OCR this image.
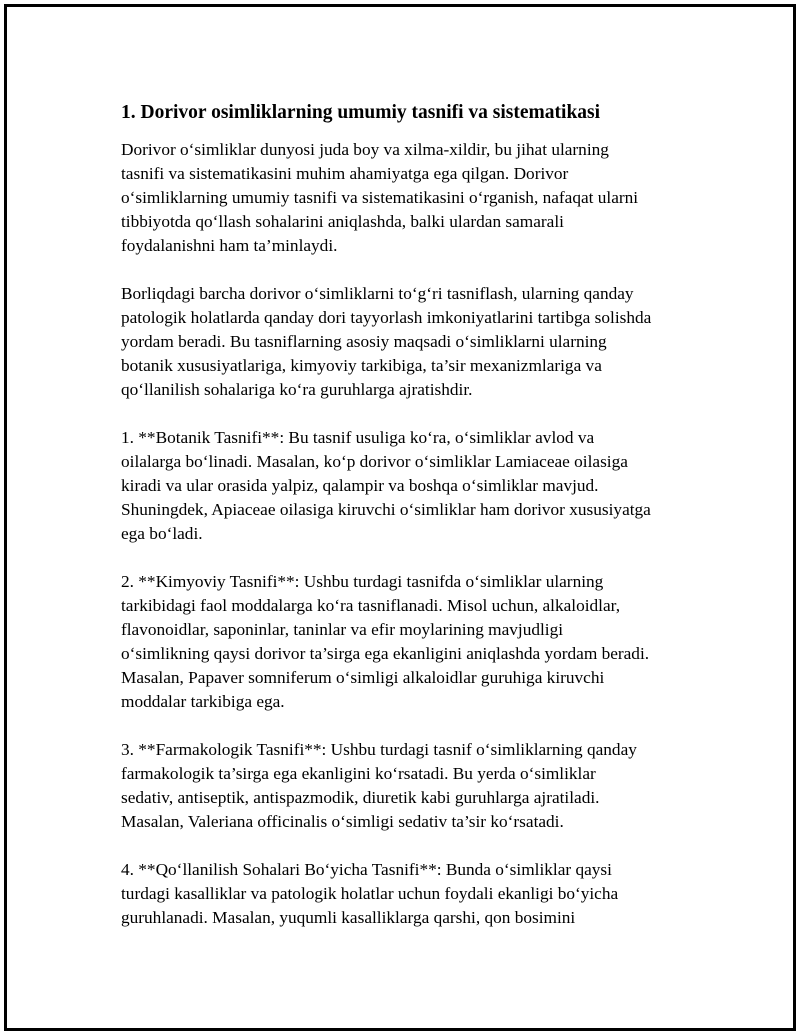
1. Dorivor osimliklarning umumiy tasnifi va sistematikasi

Dorivor o‘simliklar dunyosi juda boy va xilma-xildir, bu jihat ularning
tasnifi va sistematikasini muhim ahamiyatga ega qilgan. Dorivor
o‘simliklarning umumiy tasnifi va sistematikasini o‘rganish, nafaqat ularni
tibbiyotda qo‘llash sohalarini aniqlashda, balki ulardan samarali
foydalanishni ham ta’minlaydi.

Borliqdagi barcha dorivor o‘simliklarni to‘g‘ri tasniflash, ularning qanday
patologik holatlarda qanday dori tayyorlash imkoniyatlarini tartibga solishda
yordam beradi. Bu tasniflarning asosiy maqsadi o‘simliklarni ularning
botanik xususiyatlariga, kimyoviy tarkibiga, ta’sir mexanizmlariga va
qo‘llanilish sohalariga ko‘ra guruhlarga ajratishdir.

1. **Botanik Tasnifi**: Bu tasnif usuliga ko‘ra, o‘simliklar avlod va
oilalarga bo‘linadi. Masalan, ko‘p dorivor o‘simliklar Lamiaceae oilasiga
kiradi va ular orasida yalpiz, qalampir va boshqa o‘simliklar mavjud.
Shuningdek, Apiaceae oilasiga kiruvchi o‘simliklar ham dorivor xususiyatga
ega bo‘ladi.

2. **Kimyoviy Tasnifi**: Ushbu turdagi tasnifda o‘simliklar ularning
tarkibidagi faol moddalarga ko‘ra tasniflanadi. Misol uchun, alkaloidlar,
flavonoidlar, saponinlar, taninlar va efir moylarining mavjudligi
o‘simlikning qaysi dorivor ta’sirga ega ekanligini aniqlashda yordam beradi.
Masalan, Papaver somniferum o‘simligi alkaloidlar guruhiga kiruvchi
moddalar tarkibiga ega.

3. **Farmakologik Tasnifi**: Ushbu turdagi tasnif o‘simliklarning qanday
farmakologik ta’sirga ega ekanligini ko‘rsatadi. Bu yerda o‘simliklar
sedativ, antiseptik, antispazmodik, diuretik kabi guruhlarga ajratiladi.
Masalan, Valeriana officinalis o‘simligi sedativ ta’sir ko‘rsatadi.

4. **Qo‘llanilish Sohalari Bo‘yicha Tasnifi**: Bunda o‘simliklar qaysi
turdagi kasalliklar va patologik holatlar uchun foydali ekanligi bo‘yicha
guruhlanadi. Masalan, yuqumli kasalliklarga qarshi, qon bosimini
